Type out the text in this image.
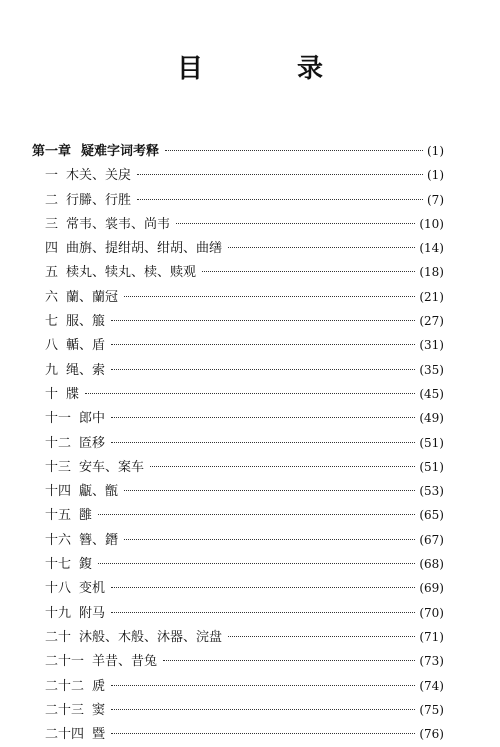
目　录
第一章 疑难字词考释	(1)
一 木关、关戾	(1)
二 行幐、行胜	(7)
三 常韦、裳韦、尚韦	(10)
四 曲旃、提绀胡、绀胡、曲缮	(14)
五 椟丸、犊丸、椟、赎观	(18)
六 蘭、蘭冠	(21)
七 服、箙	(27)
八 輴、盾	(31)
九 绳、索	(35)
十 牒	(45)
十一 郎中	(49)
十二 匼移	(51)
十三 安车、案车	(51)
十四 甗、甑	(53)
十五 雝	(65)
十六 簪、鐕	(67)
十七 鍑	(68)
十八 变机	(69)
十九 附马	(70)
二十 沐般、木般、沐器、浣盘	(71)
二十一 羊昔、昔兔	(73)
二十二 虒	(74)
二十三 窦	(75)
二十四 暨	(76)
